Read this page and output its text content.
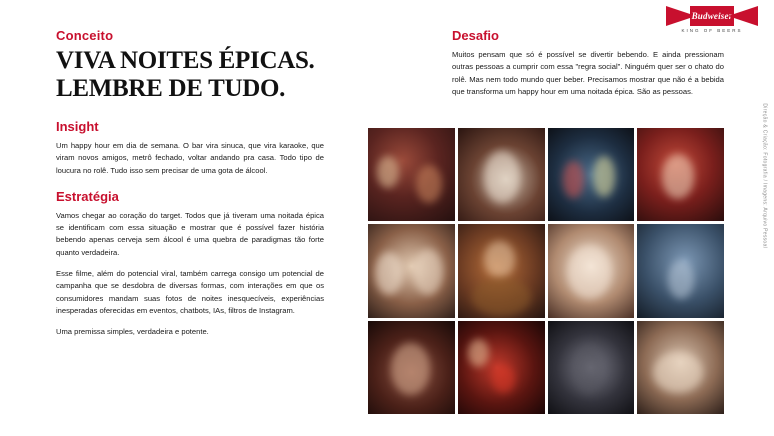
Budweiser
KING OF BEERS

Conceito

VIVA NOITES ÉPICAS.
LEMBRE DE TUDO.
Insight

Um happy hour em dia de semana. O bar vira sinuca, que vira karaoke, que viram novos amigos, metrô fechado, voltar andando pra casa. Todo tipo de loucura no rolê. Tudo isso sem precisar de uma gota de álcool.

Estratégia

Vamos chegar ao coração do target. Todos que já tiveram uma noitada épica se identificam com essa situação e mostrar que é possível fazer história bebendo apenas cerveja sem álcool é uma quebra de paradigmas tão forte quanto verdadeira.

Esse filme, além do potencial viral, também carrega consigo um potencial de campanha que se desdobra de diversas formas, com interações em que os consumidores mandam suas fotos de noites inesquecíveis, experiências inesperadas oferecidas em eventos, chatbots, IAs, filtros de Instagram.

Uma premissa simples, verdadeira e potente.

Desafio

Muitos pensam que só é possível se divertir bebendo. E ainda pressionam outras pessoas a cumprir com essa "regra social". Ninguém quer ser o chato do rolê. Mas nem todo mundo quer beber. Precisamos mostrar que não é a bebida que transforma um happy hour em uma noitada épica. São as pessoas.

Direção & Criação: Fotografia / Imagens: Arquivo Pessoal
